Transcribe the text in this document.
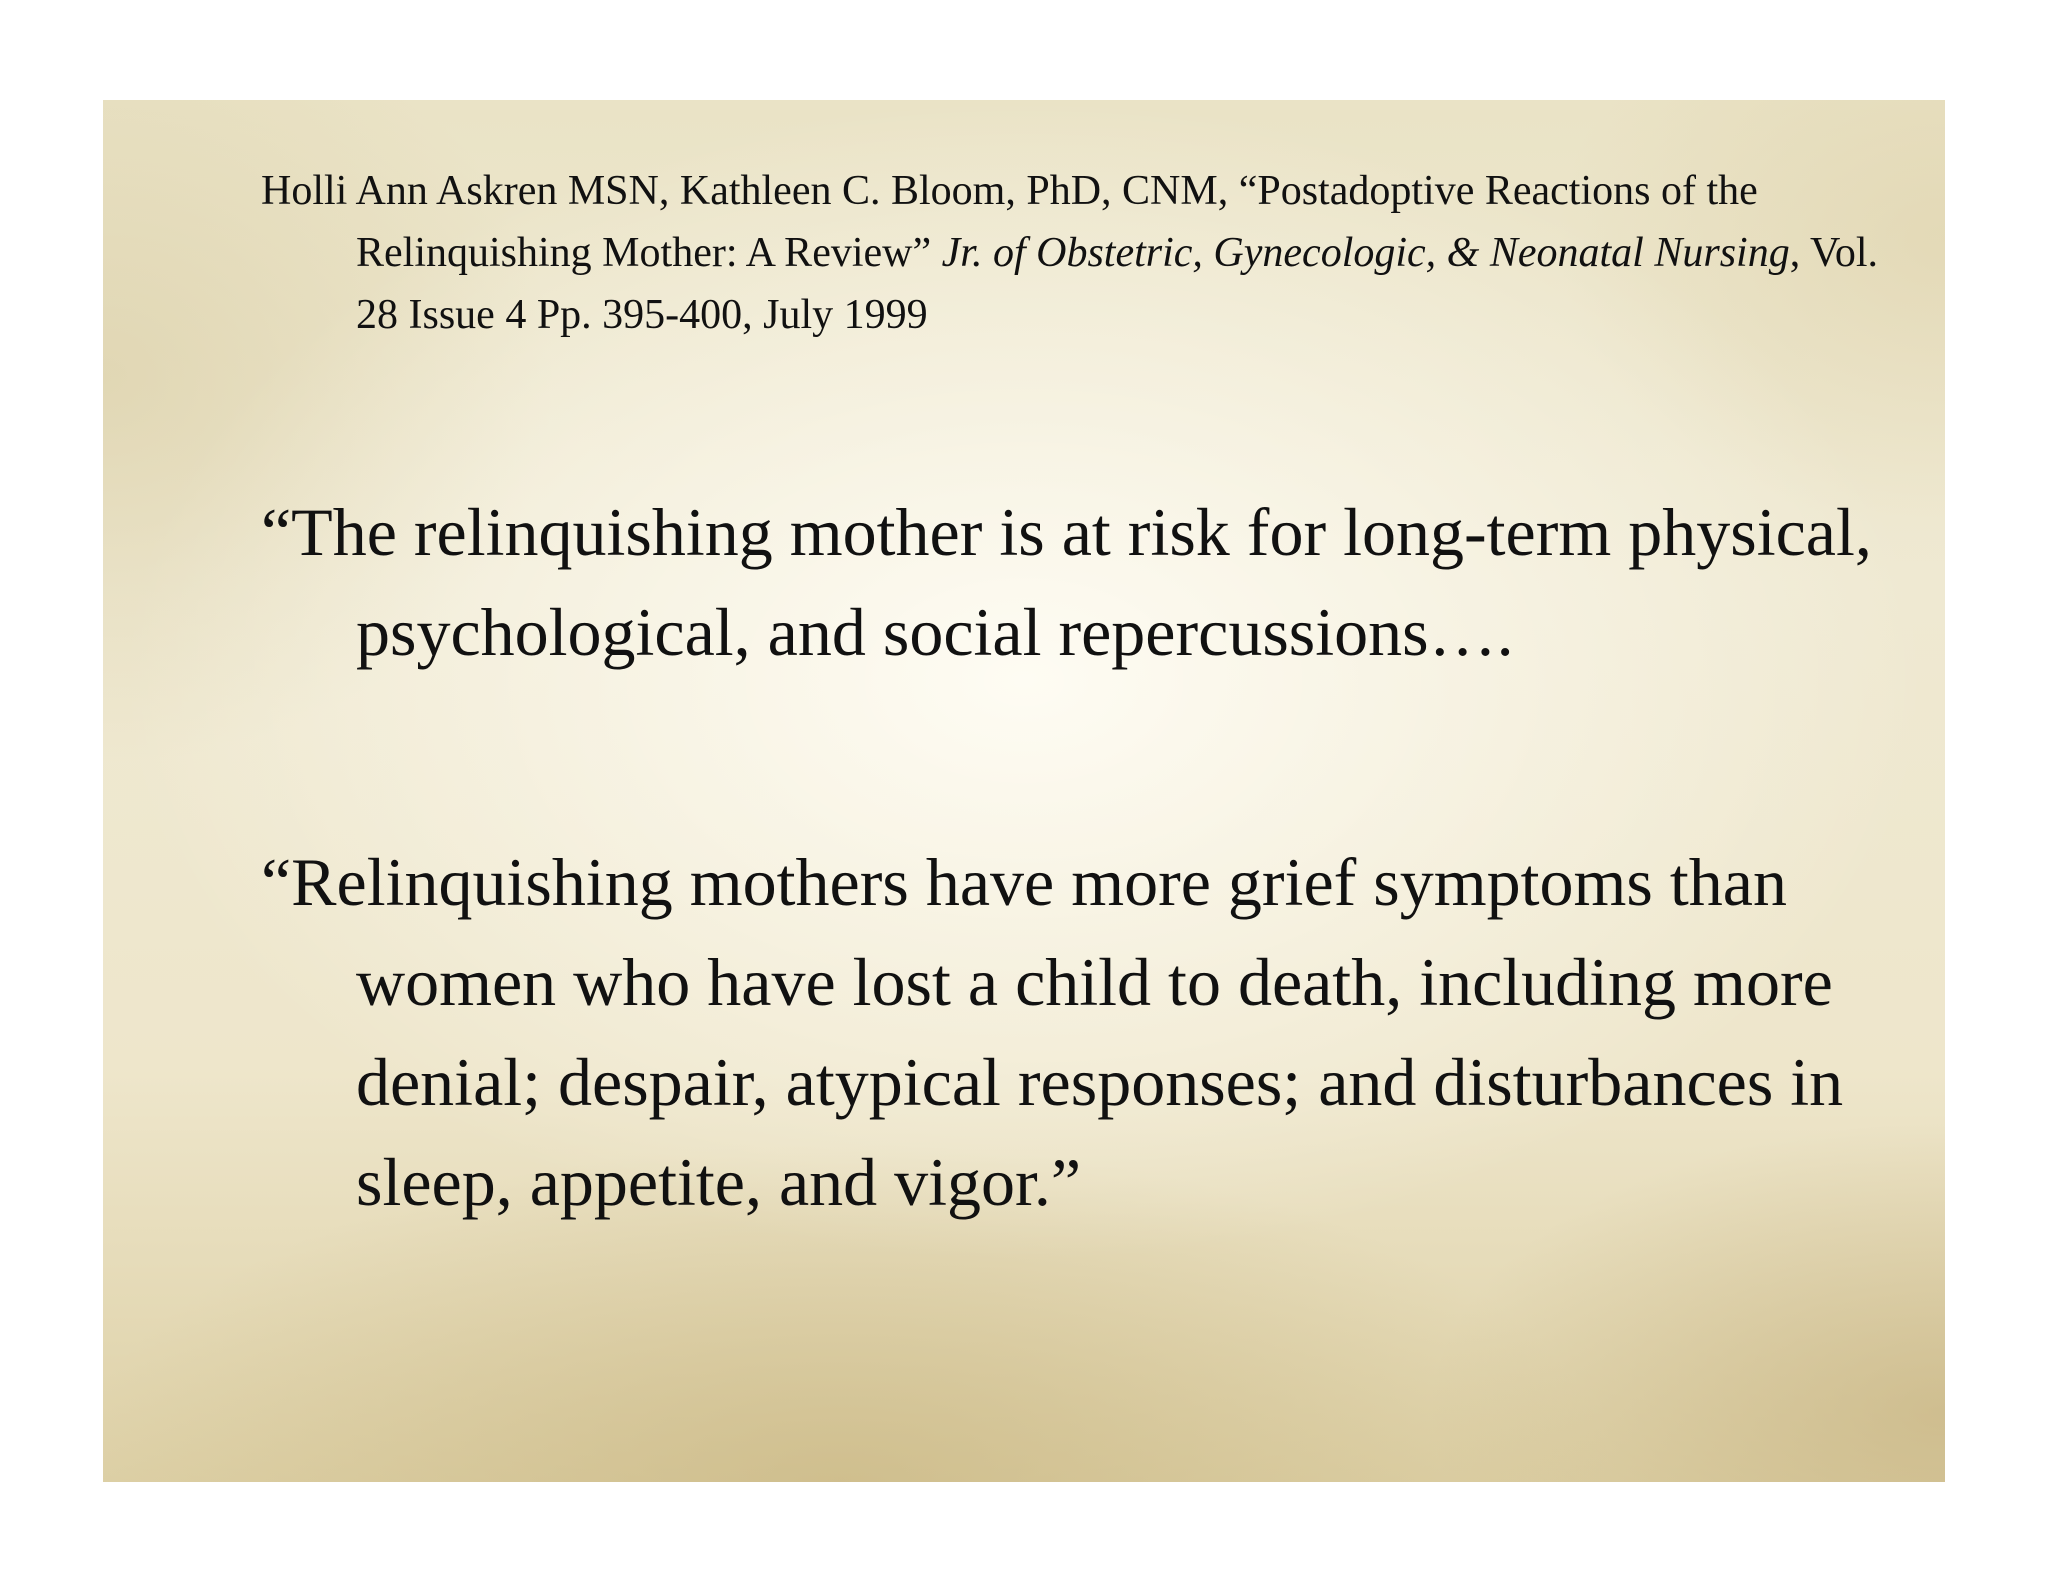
Holli Ann Askren MSN, Kathleen C. Bloom, PhD, CNM, “Postadoptive Reactions of the Relinquishing Mother: A Review” Jr. of Obstetric, Gynecologic, & Neonatal Nursing, Vol. 28 Issue 4 Pp. 395-400, July 1999

“The relinquishing mother is at risk for long-term physical, psychological, and social repercussions….

“Relinquishing mothers have more grief symptoms than women who have lost a child to death, including more denial; despair, atypical responses; and disturbances in sleep, appetite, and vigor.”
